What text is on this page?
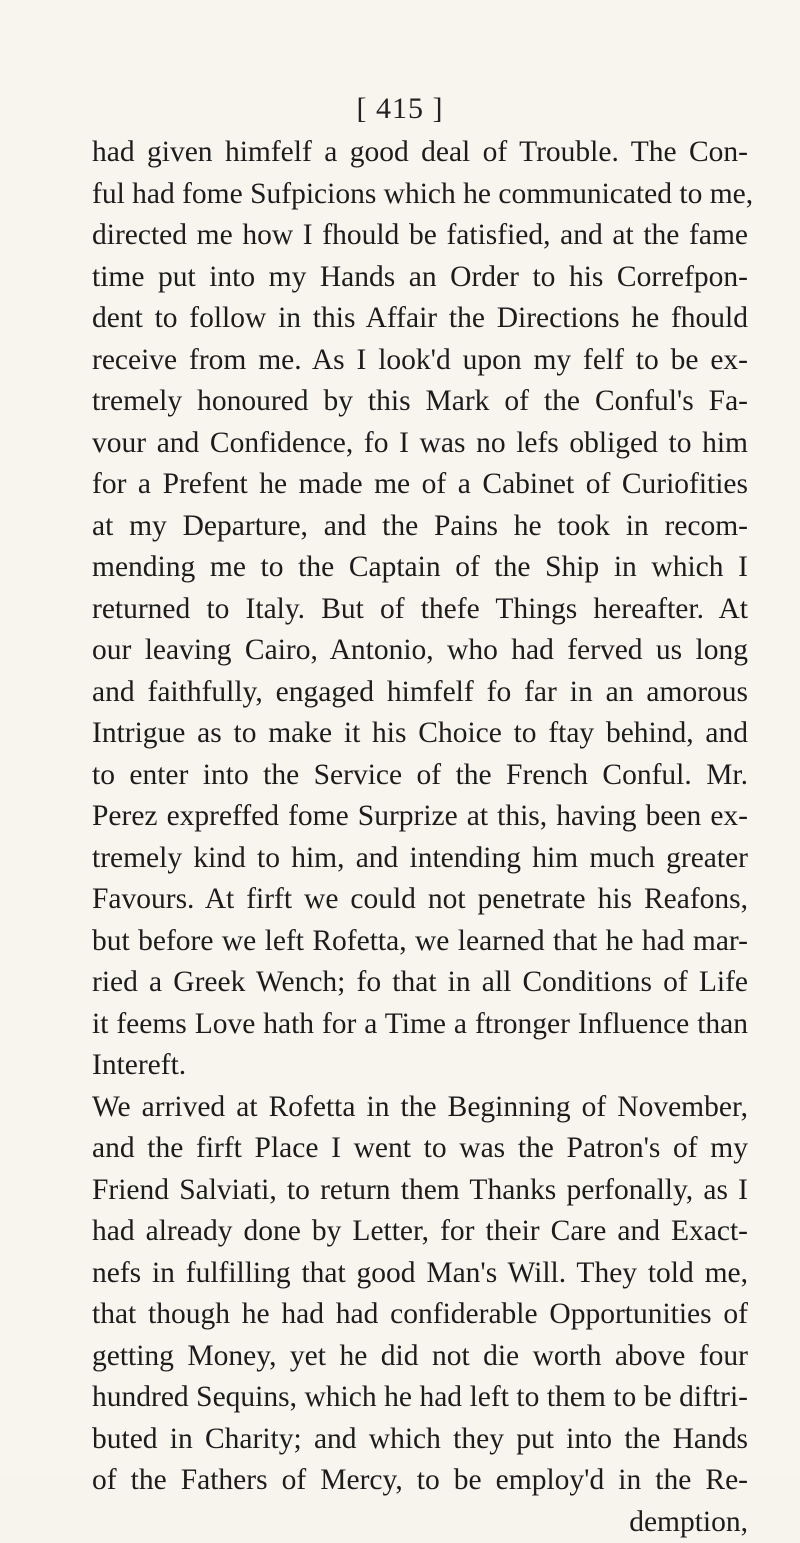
[ 415 ]
had given himfelf a good deal of Trouble. The Con-
ful had fome Sufpicions which he communicated to me,
directed me how I fhould be fatisfied, and at the fame
time put into my Hands an Order to his Correfpon-
dent to follow in this Affair the Directions he fhould
receive from me. As I look'd upon my felf to be ex-
tremely honoured by this Mark of the Conful's Fa-
vour and Confidence, fo I was no lefs obliged to him
for a Prefent he made me of a Cabinet of Curiofities
at my Departure, and the Pains he took in recom-
mending me to the Captain of the Ship in which I
returned to Italy. But of thefe Things hereafter. At
our leaving Cairo, Antonio, who had ferved us long
and faithfully, engaged himfelf fo far in an amorous
Intrigue as to make it his Choice to ftay behind, and
to enter into the Service of the French Conful. Mr.
Perez expreffed fome Surprize at this, having been ex-
tremely kind to him, and intending him much greater
Favours. At firft we could not penetrate his Reafons,
but before we left Rofetta, we learned that he had mar-
ried a Greek Wench; fo that in all Conditions of Life
it feems Love hath for a Time a ftronger Influence than
Intereft.
We arrived at Rofetta in the Beginning of November,
and the firft Place I went to was the Patron's of my
Friend Salviati, to return them Thanks perfonally, as I
had already done by Letter, for their Care and Exact-
nefs in fulfilling that good Man's Will. They told me,
that though he had had confiderable Opportunities of
getting Money, yet he did not die worth above four
hundred Sequins, which he had left to them to be diftri-
buted in Charity; and which they put into the Hands
of the Fathers of Mercy, to be employ'd in the Re-
demption,
